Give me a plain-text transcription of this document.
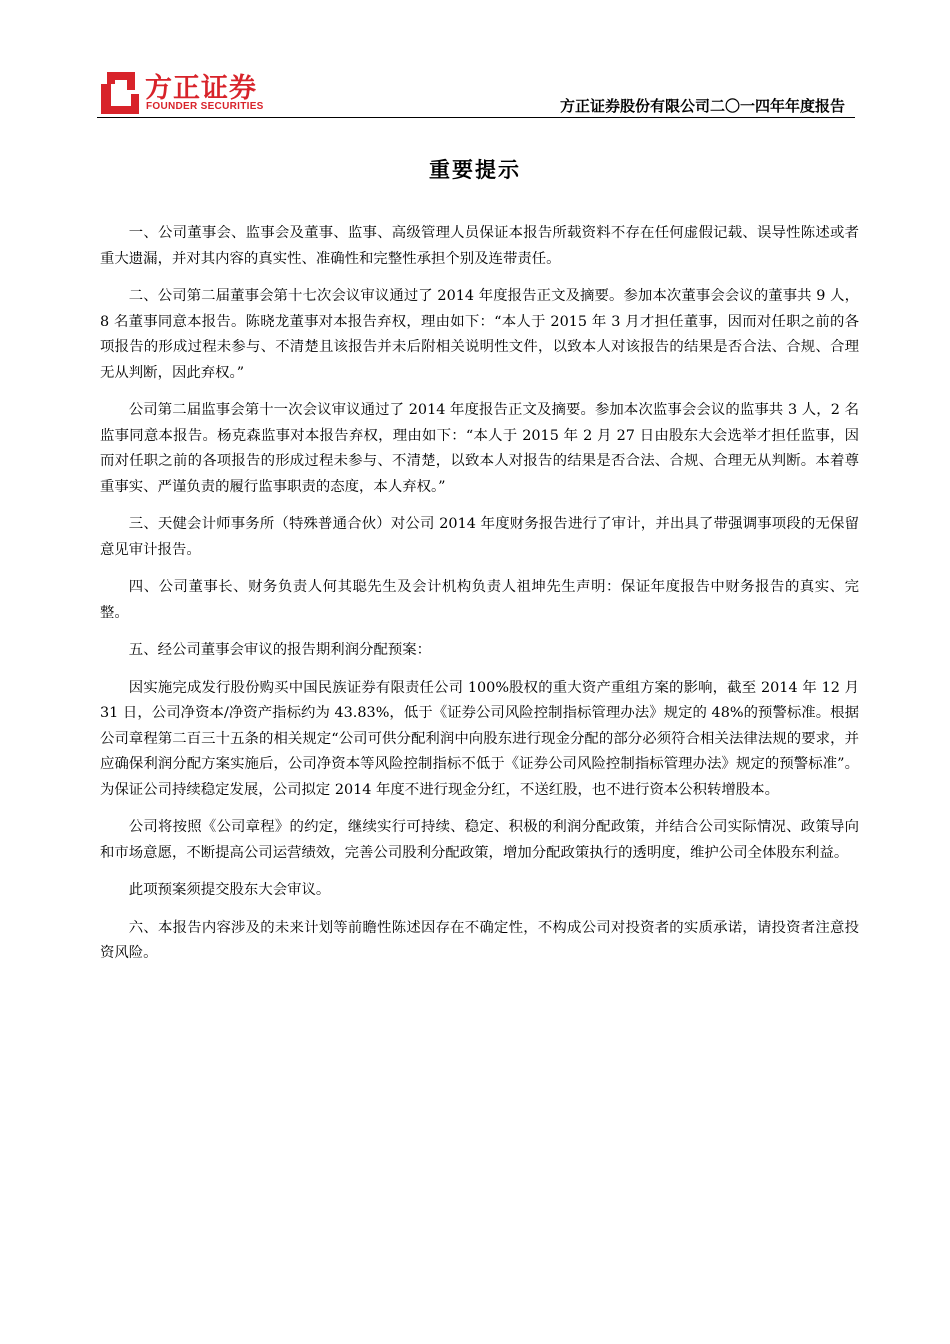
方正证券
FOUNDER SECURITIES	方正证券股份有限公司二〇一四年年度报告
重要提示

一、公司董事会、监事会及董事、监事、高级管理人员保证本报告所载资料不存在任何虚假记载、误导性陈述或者重大遗漏，并对其内容的真实性、准确性和完整性承担个别及连带责任。

二、公司第二届董事会第十七次会议审议通过了 2014 年度报告正文及摘要。参加本次董事会会议的董事共 9 人，8 名董事同意本报告。陈晓龙董事对本报告弃权，理由如下：“本人于 2015 年 3 月才担任董事，因而对任职之前的各项报告的形成过程未参与、不清楚且该报告并未后附相关说明性文件，以致本人对该报告的结果是否合法、合规、合理无从判断，因此弃权。”

公司第二届监事会第十一次会议审议通过了 2014 年度报告正文及摘要。参加本次监事会会议的监事共 3 人，2 名监事同意本报告。杨克森监事对本报告弃权，理由如下：“本人于 2015 年 2 月 27 日由股东大会选举才担任监事，因而对任职之前的各项报告的形成过程未参与、不清楚，以致本人对报告的结果是否合法、合规、合理无从判断。本着尊重事实、严谨负责的履行监事职责的态度，本人弃权。”

三、天健会计师事务所（特殊普通合伙）对公司 2014 年度财务报告进行了审计，并出具了带强调事项段的无保留意见审计报告。

四、公司董事长、财务负责人何其聪先生及会计机构负责人祖坤先生声明：保证年度报告中财务报告的真实、完整。

五、经公司董事会审议的报告期利润分配预案：

因实施完成发行股份购买中国民族证券有限责任公司 100%股权的重大资产重组方案的影响，截至 2014 年 12 月 31 日，公司净资本/净资产指标约为 43.83%，低于《证券公司风险控制指标管理办法》规定的 48%的预警标准。根据公司章程第二百三十五条的相关规定“公司可供分配利润中向股东进行现金分配的部分必须符合相关法律法规的要求，并应确保利润分配方案实施后，公司净资本等风险控制指标不低于《证券公司风险控制指标管理办法》规定的预警标准”。为保证公司持续稳定发展，公司拟定 2014 年度不进行现金分红，不送红股，也不进行资本公积转增股本。

公司将按照《公司章程》的约定，继续实行可持续、稳定、积极的利润分配政策，并结合公司实际情况、政策导向和市场意愿，不断提高公司运营绩效，完善公司股利分配政策，增加分配政策执行的透明度，维护公司全体股东利益。

此项预案须提交股东大会审议。

六、本报告内容涉及的未来计划等前瞻性陈述因存在不确定性，不构成公司对投资者的实质承诺，请投资者注意投资风险。
